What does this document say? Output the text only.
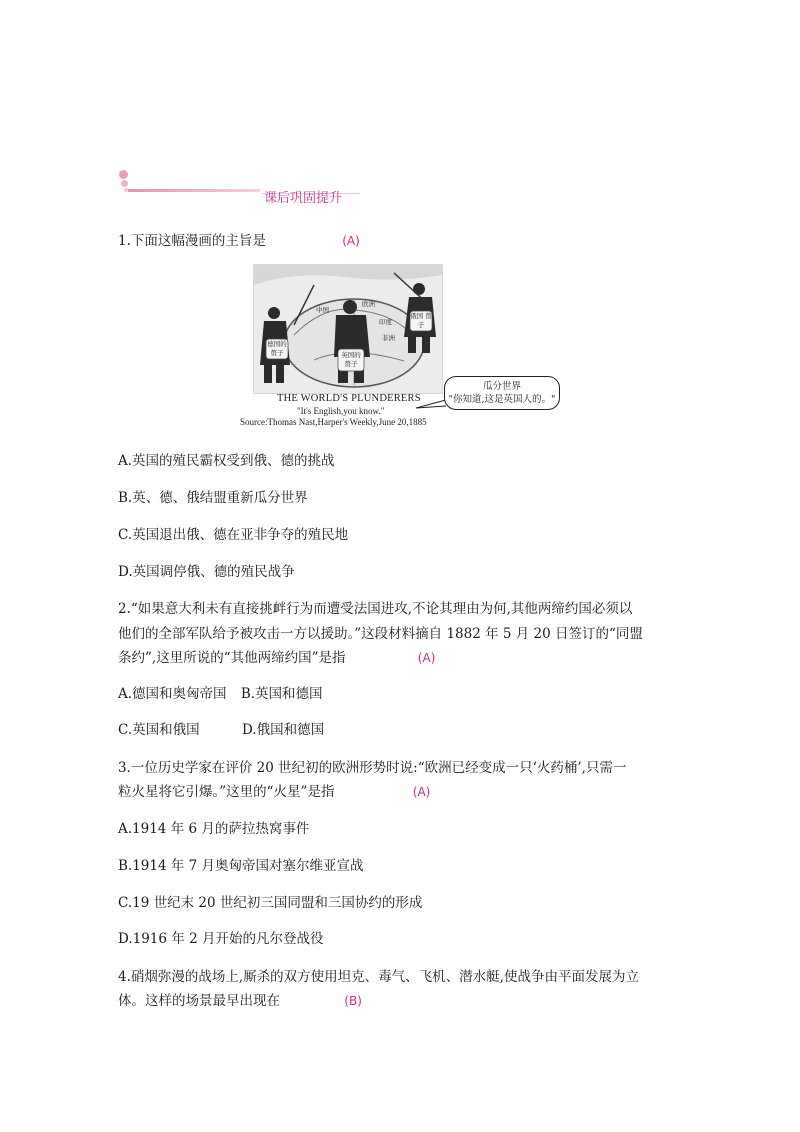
课后巩固提升
1.下面这幅漫画的主旨是	(A)
德国的 赘子	英国的 赘子
俄国 赘子
中国
欧洲
印度
非洲
THE WORLD'S PLUNDERERS
"It's English,you know."
Source:Thomas Nast,Harper's Weekly,June 20,1885
瓜分世界
"你知道,这是英国人的。"
A.英国的殖民霸权受到俄、德的挑战
B.英、德、俄结盟重新瓜分世界
C.英国退出俄、德在亚非争夺的殖民地
D.英国调停俄、德的殖民战争
2.“如果意大利未有直接挑衅行为而遭受法国进攻,不论其理由为何,其他两缔约国必须以
他们的全部军队给予被攻击一方以援助。”这段材料摘自 1882 年 5 月 20 日签订的“同盟
条约”,这里所说的“其他两缔约国”是指	(A)
A.德国和奥匈帝国 B.英国和德国
C.英国和俄国	D.俄国和德国
3.一位历史学家在评价 20 世纪初的欧洲形势时说:“欧洲已经变成一只‘火药桶’,只需一
粒火星将它引爆。”这里的“火星”是指	(A)
A.1914 年 6 月的萨拉热窝事件
B.1914 年 7 月奥匈帝国对塞尔维亚宣战
C.19 世纪末 20 世纪初三国同盟和三国协约的形成
D.1916 年 2 月开始的凡尔登战役
4.硝烟弥漫的战场上,厮杀的双方使用坦克、毒气、飞机、潜水艇,使战争由平面发展为立
体。这样的场景最早出现在	(B)
